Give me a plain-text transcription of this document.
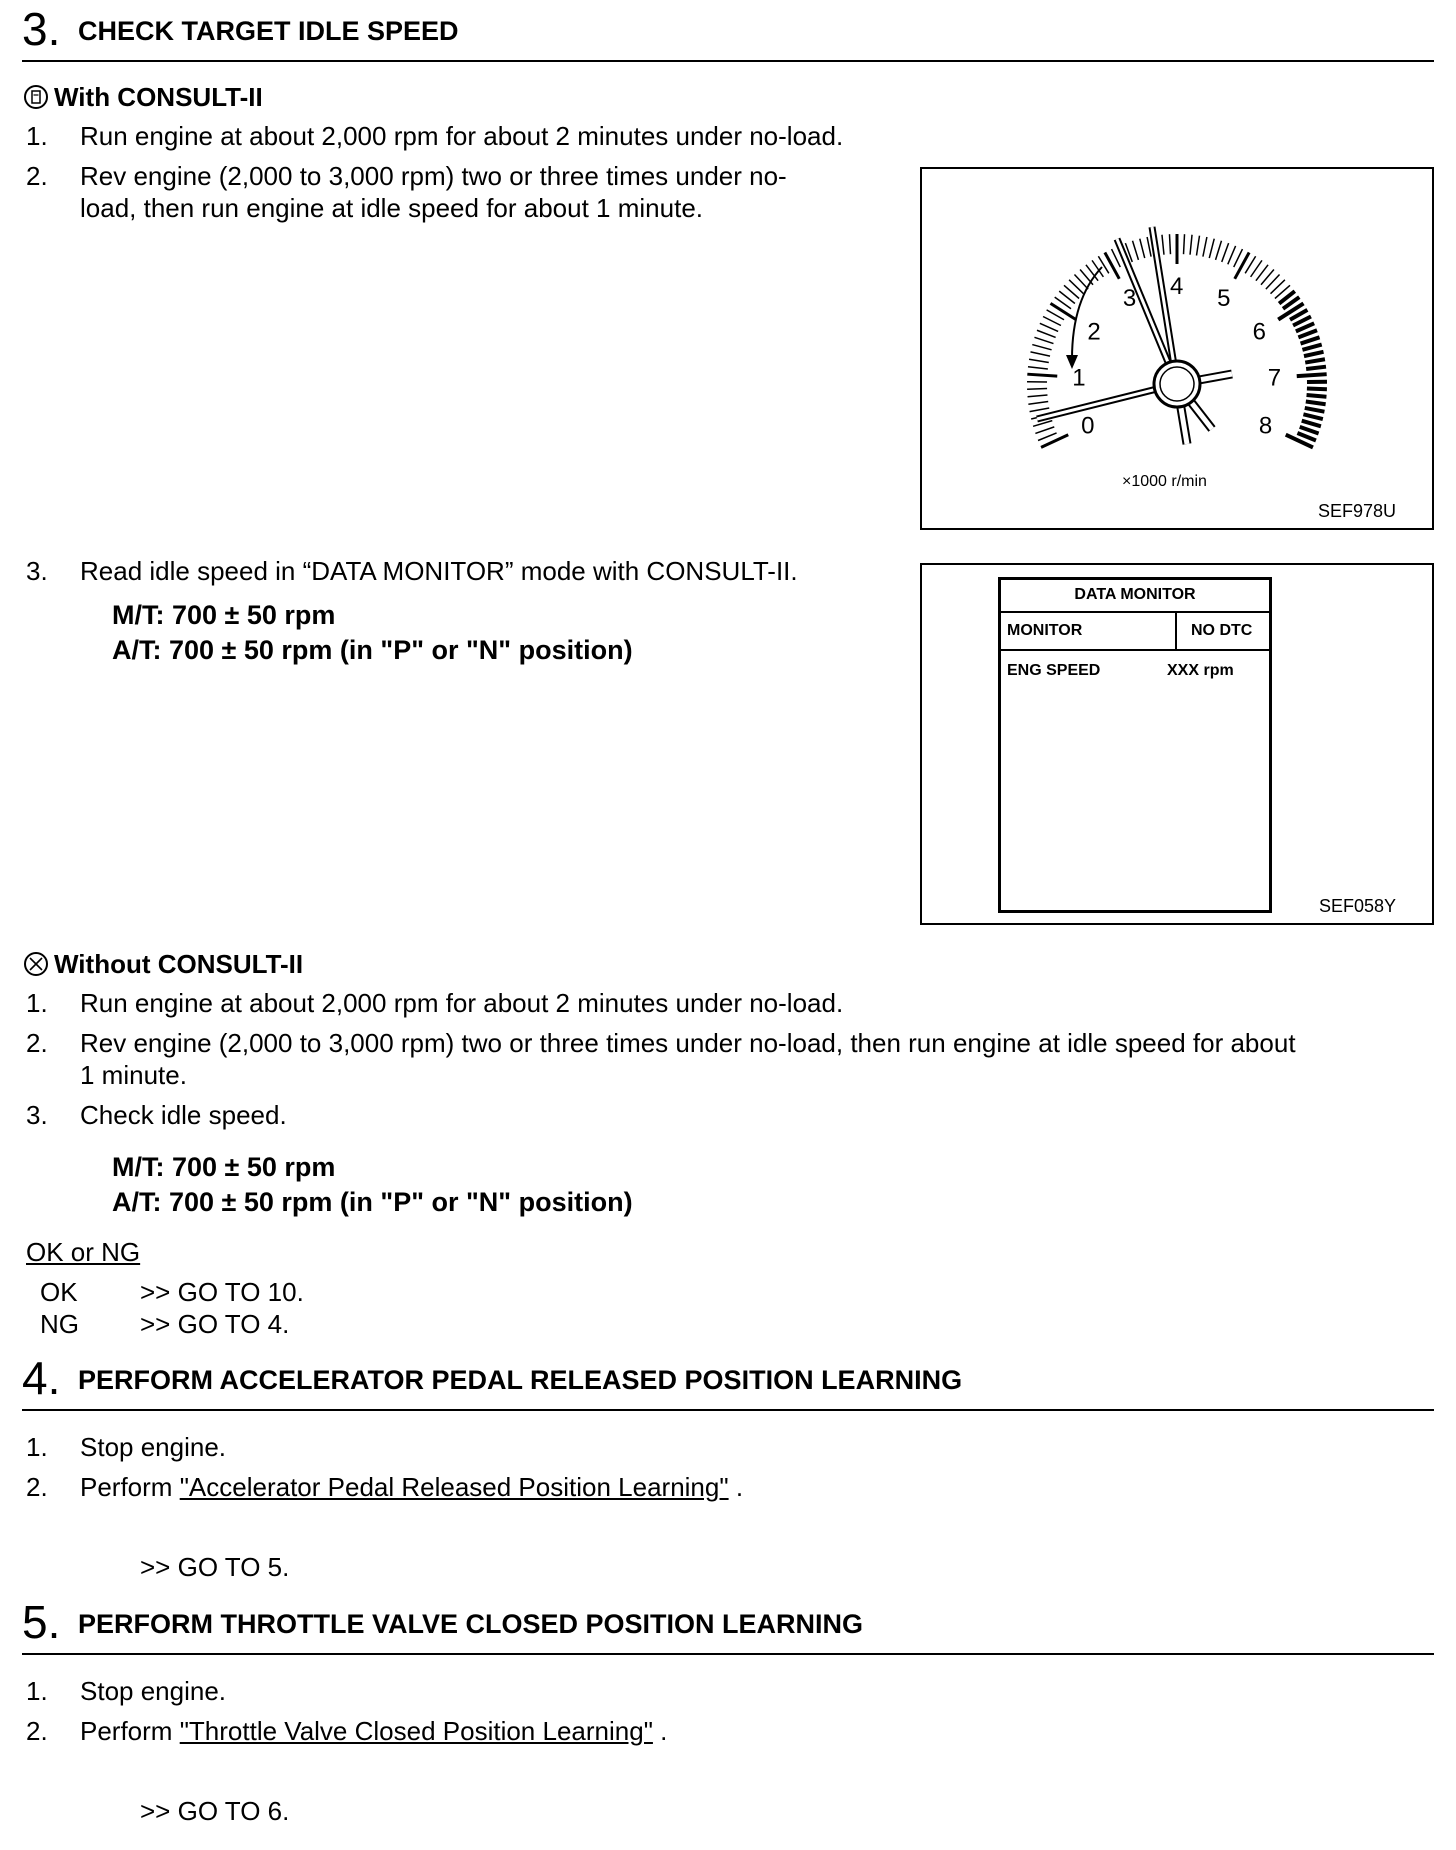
3. CHECK TARGET IDLE SPEED
With CONSULT-II
1.	Run engine at about 2,000 rpm for about 2 minutes under no-load.
2.	Rev engine (2,000 to 3,000 rpm) two or three times under no-
load, then run engine at idle speed for about 1 minute.
0
1
2
3 4 5
6
7
8
×1000 r/min
SEF978U
3.	Read idle speed in “DATA MONITOR” mode with CONSULT-II.
M/T: 700 ± 50 rpm
A/T: 700 ± 50 rpm (in "P" or "N" position)
DATA MONITOR
MONITOR	NO DTC
ENG SPEED	XXX rpm
SEF058Y
Without CONSULT-II
1.	Run engine at about 2,000 rpm for about 2 minutes under no-load.
2.	Rev engine (2,000 to 3,000 rpm) two or three times under no-load, then run engine at idle speed for about
1 minute.
3.	Check idle speed.
M/T: 700 ± 50 rpm
A/T: 700 ± 50 rpm (in "P" or "N" position)
OK or NG
OK >> GO TO 10.
NG >> GO TO 4.
4. PERFORM ACCELERATOR PEDAL RELEASED POSITION LEARNING
1.	Stop engine.
2.	Perform "Accelerator Pedal Released Position Learning" .
>> GO TO 5.
5. PERFORM THROTTLE VALVE CLOSED POSITION LEARNING
1.	Stop engine.
2.	Perform "Throttle Valve Closed Position Learning" .
>> GO TO 6.
